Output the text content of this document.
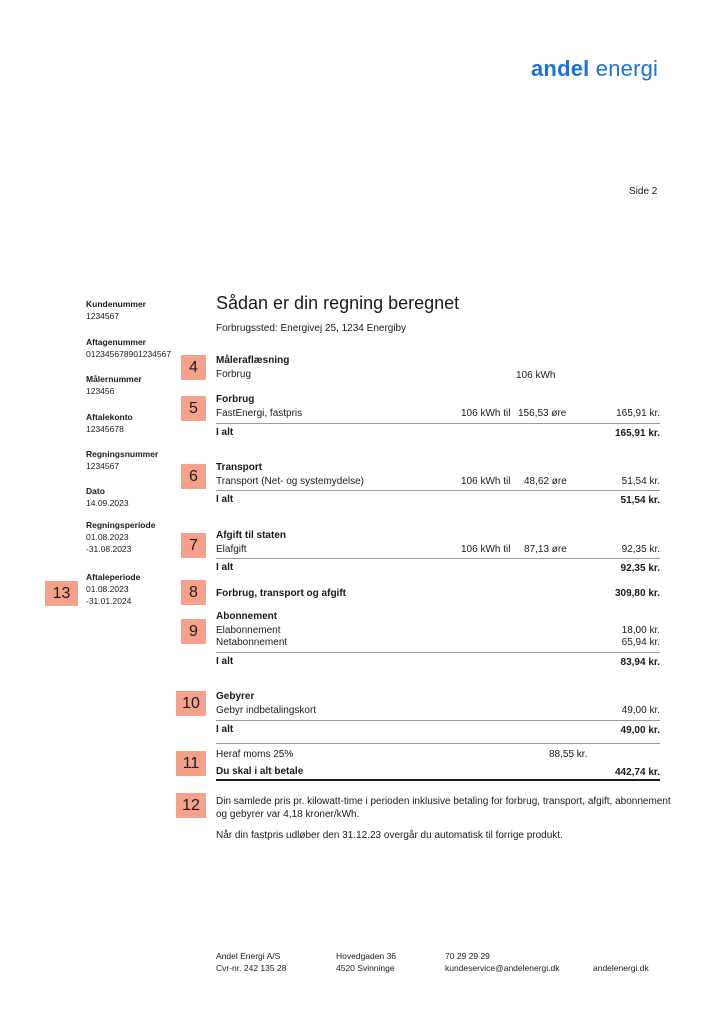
andel energi
Side 2
Kundenummer
1234567
Aftagenummer
012345678901234567
Målernummer
123456
Aftalekonto
12345678
Regningsnummer
1234567
Dato
14.09.2023
Regningsperiode
01.08.2023
-31.08.2023
Aftaleperiode
01.08.2023
-31.01.2024
Sådan er din regning beregnet
Forbrugssted: Energivej 25, 1234 Energiby
4
5
6
7
8
9
10
11
12
13
Måleraflæsning
Forbrug	106 kWh
Forbrug
FastEnergi, fastpris	106 kWh til 156,53 øre	165,91 kr.
I alt	165,91 kr.
Transport
Transport (Net- og systemydelse)	106 kWh til 48,62 øre	51,54 kr.
I alt	51,54 kr.
Afgift til staten
Elafgift	106 kWh til 87,13 øre	92,35 kr.
I alt	92,35 kr.
Forbrug, transport og afgift	309,80 kr.
Abonnement
Elabonnement	18,00 kr.
Netabonnement	65,94 kr.
I alt	83,94 kr.
Gebyrer
Gebyr indbetalingskort	49,00 kr.
I alt	49,00 kr.
Heraf moms 25%	88,55 kr.
Du skal i alt betale	442,74 kr.
Din samlede pris pr. kilowatt-time i perioden inklusive betaling for forbrug, transport, afgift, abonnement og gebyrer var 4,18 kroner/kWh.
Når din fastpris udløber den 31.12.23 overgår du automatisk til forrige produkt.
Andel Energi A/S
Cvr-nr. 242 135 28
Hovedgaden 36
4520 Svinninge
70 29 29 29
kundeservice@andelenergi.dk	andelenergi.dk
